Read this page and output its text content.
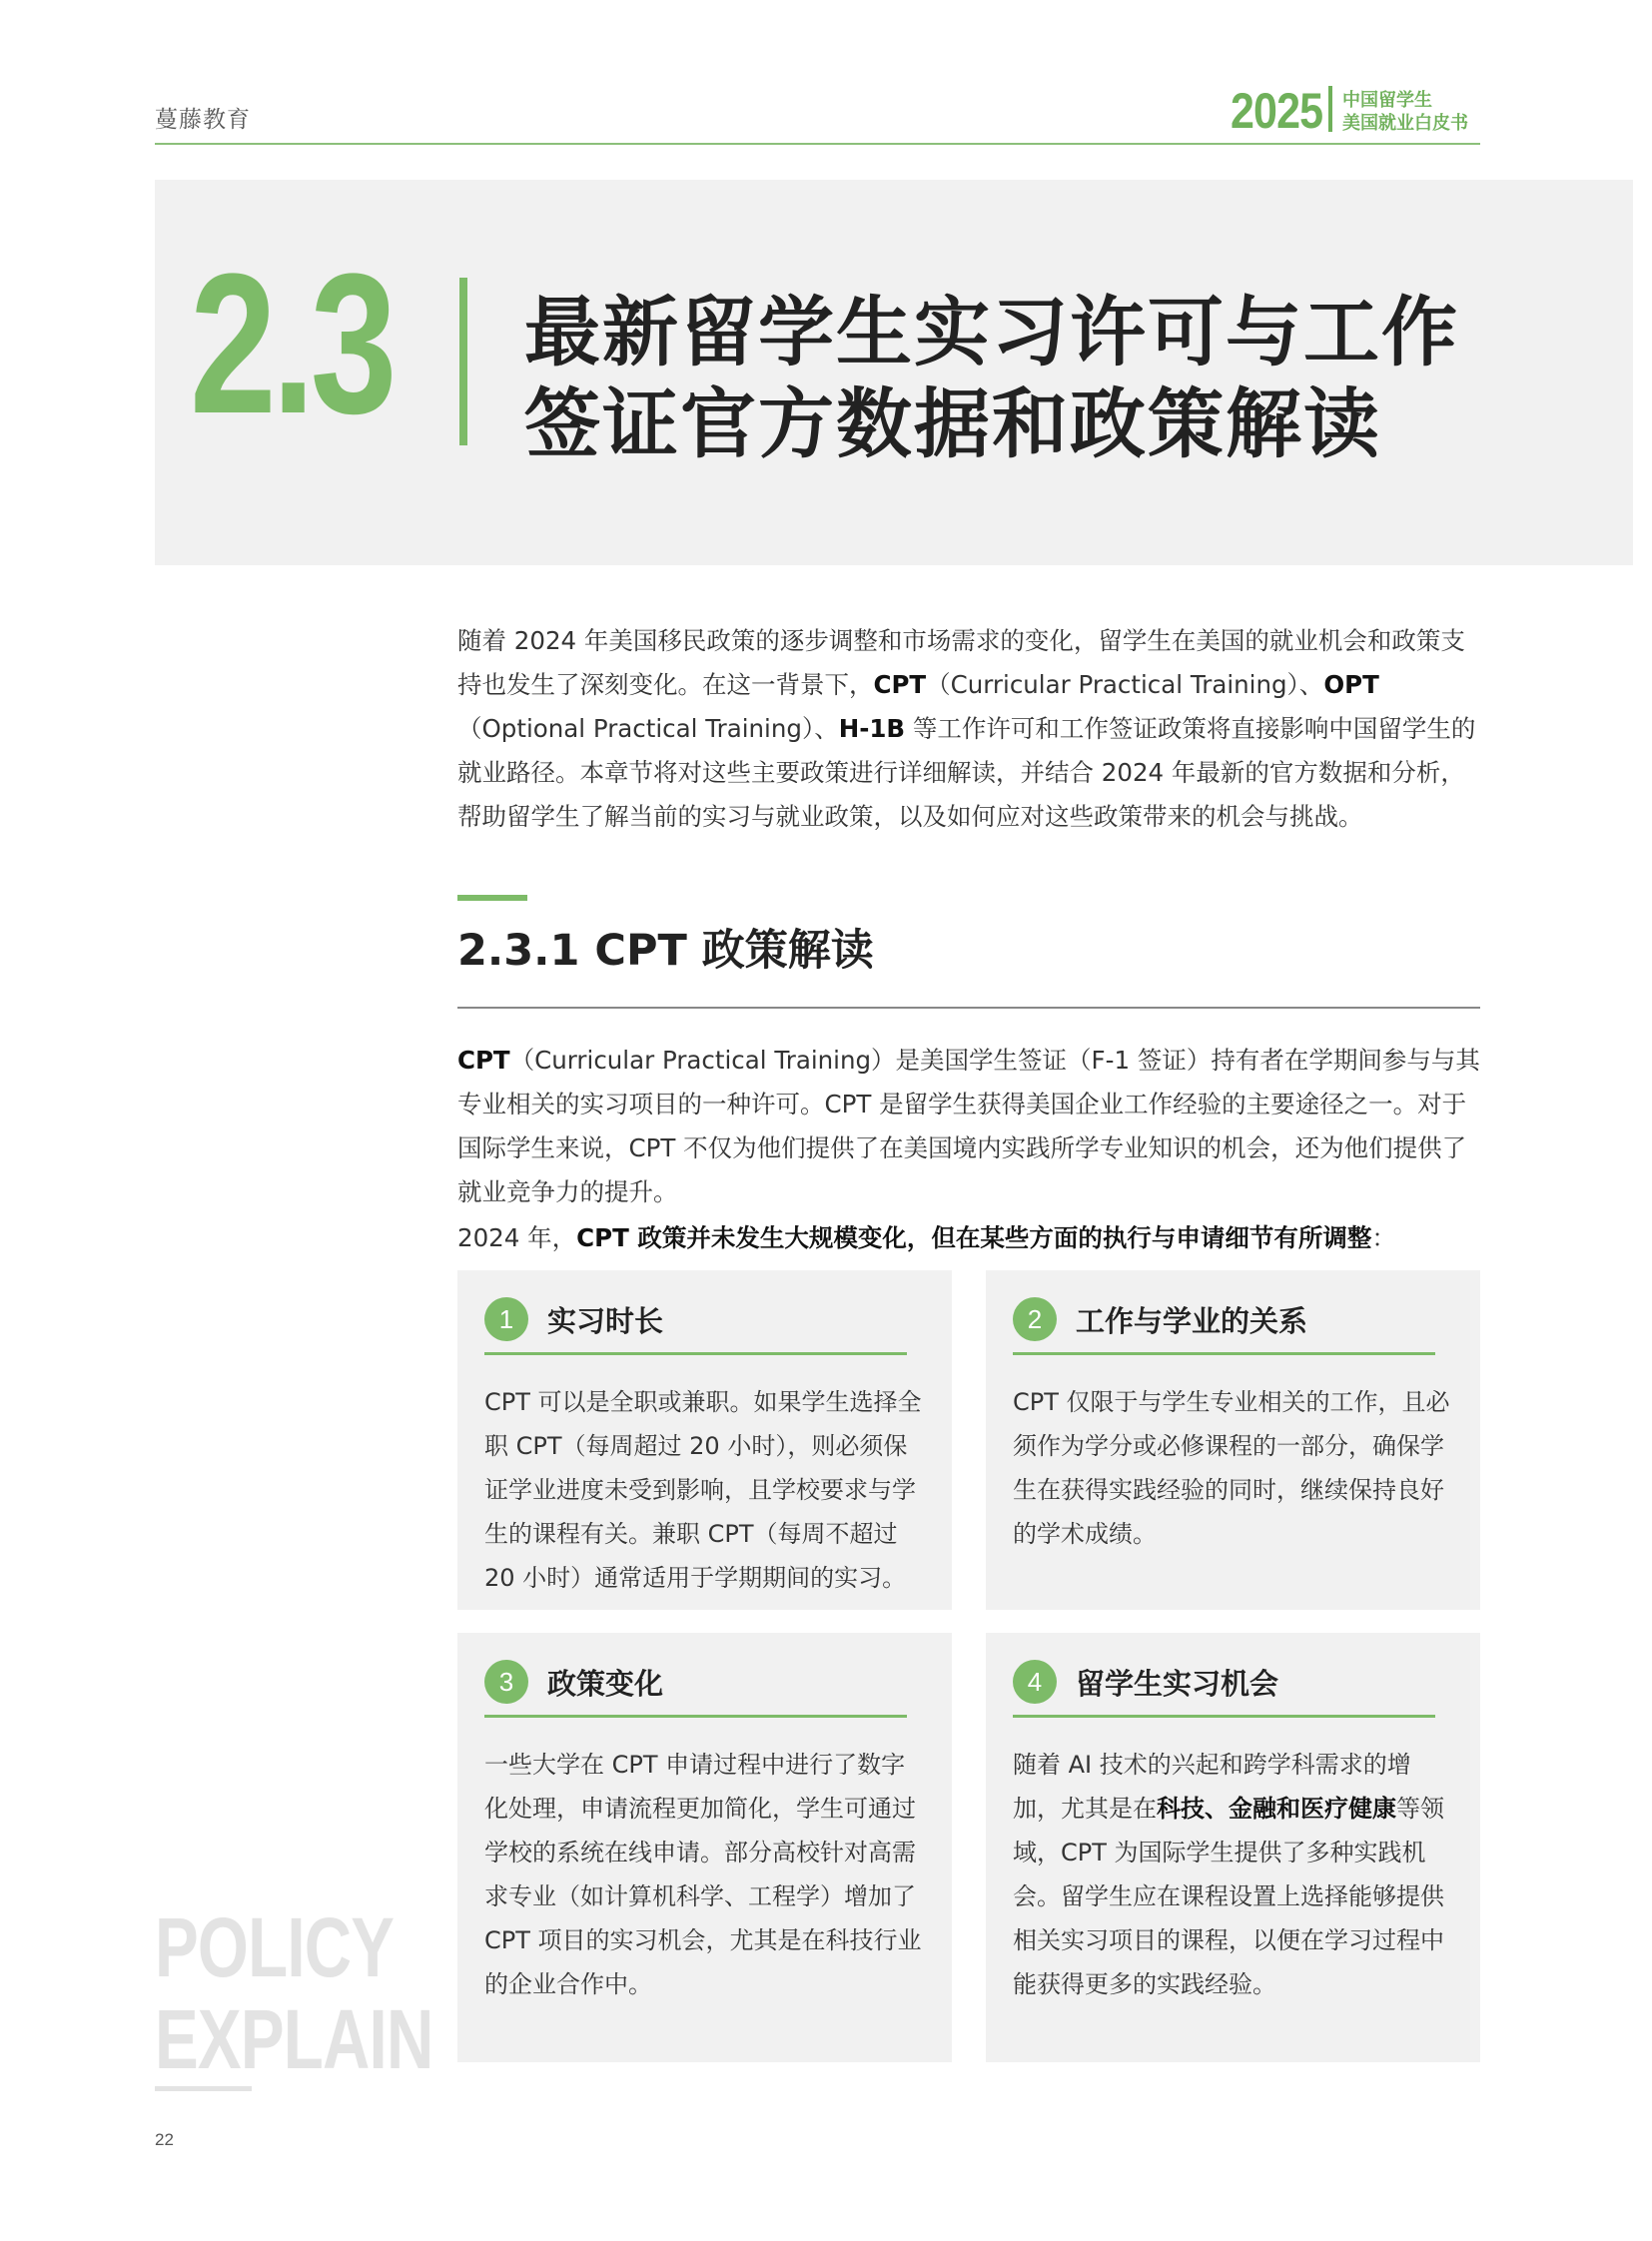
蔓藤教育	2025 中国留学生
美国就业白皮书
2.3 最新留学生实习许可与工作
签证官方数据和政策解读

随着 2024 年美国移民政策的逐步调整和市场需求的变化，留学生在美国的就业机会和政策支持也发生了深刻变化。在这一背景下，CPT（Curricular Practical Training）、OPT（Optional Practical Training）、H-1B 等工作许可和工作签证政策将直接影响中国留学生的就业路径。本章节将对这些主要政策进行详细解读，并结合 2024 年最新的官方数据和分析，帮助留学生了解当前的实习与就业政策，以及如何应对这些政策带来的机会与挑战。

2.3.1 CPT 政策解读

CPT（Curricular Practical Training）是美国学生签证（F-1 签证）持有者在学期间参与与其专业相关的实习项目的一种许可。CPT 是留学生获得美国企业工作经验的主要途径之一。对于国际学生来说，CPT 不仅为他们提供了在美国境内实践所学专业知识的机会，还为他们提供了就业竞争力的提升。

2024 年，CPT 政策并未发生大规模变化，但在某些方面的执行与申请细节有所调整：

1	实习时长

CPT 可以是全职或兼职。如果学生选择全职 CPT（每周超过 20 小时），则必须保证学业进度未受到影响，且学校要求与学生的课程有关。兼职 CPT（每周不超过 20 小时）通常适用于学期期间的实习。

2	工作与学业的关系

CPT 仅限于与学生专业相关的工作，且必须作为学分或必修课程的一部分，确保学生在获得实践经验的同时，继续保持良好的学术成绩。

3	政策变化

一些大学在 CPT 申请过程中进行了数字化处理，申请流程更加简化，学生可通过学校的系统在线申请。部分高校针对高需求专业（如计算机科学、工程学）增加了 CPT 项目的实习机会，尤其是在科技行业的企业合作中。

4	留学生实习机会

随着 AI 技术的兴起和跨学科需求的增加，尤其是在科技、金融和医疗健康等领域，CPT 为国际学生提供了多种实践机会。留学生应在课程设置上选择能够提供相关实习项目的课程，以便在学习过程中能获得更多的实践经验。

POLICY
EXPLAIN
22
